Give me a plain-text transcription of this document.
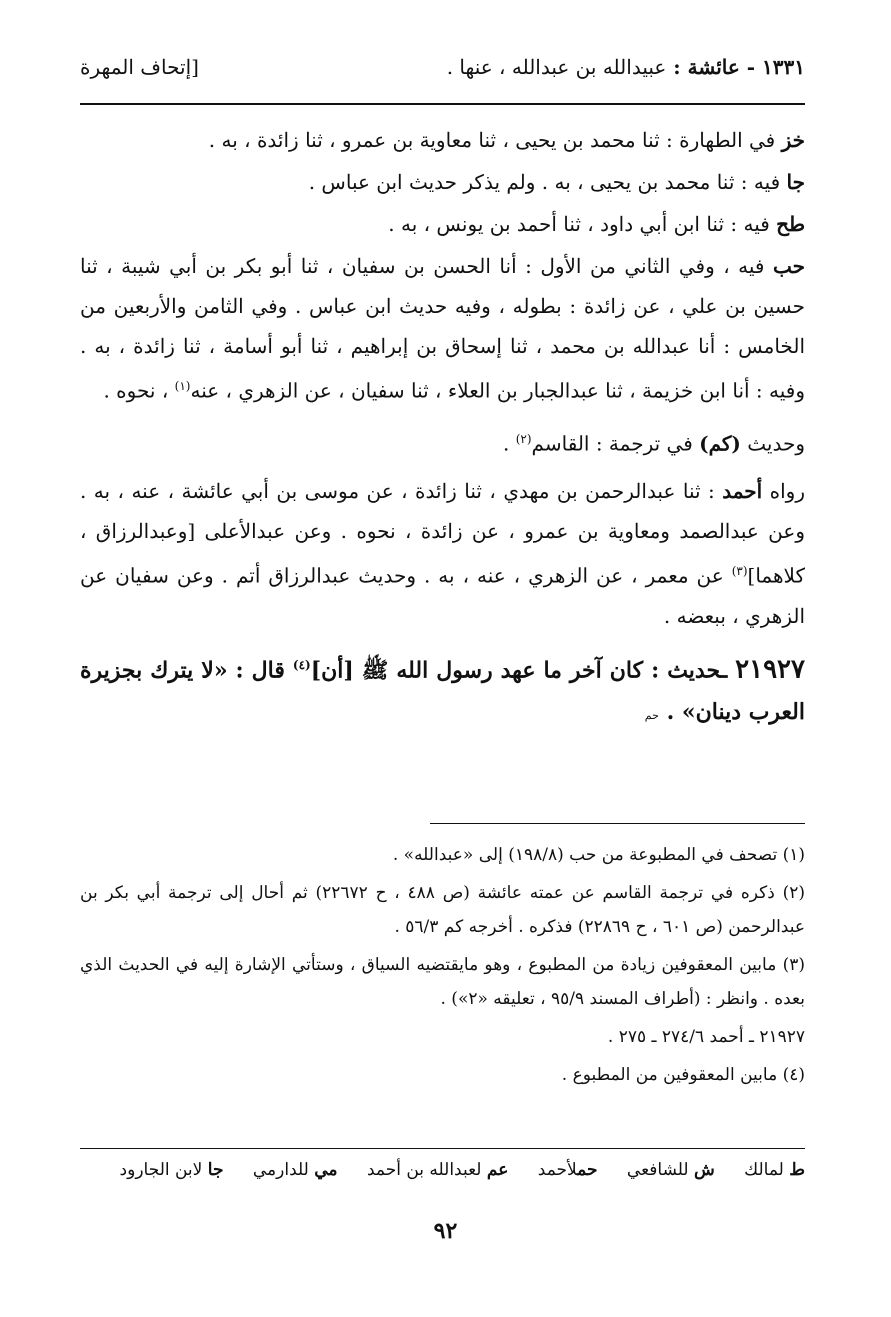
١٣٣١ - عائشة : عبيدالله بن عبدالله ، عنها .
[إتحاف المهرة

خز في الطهارة : ثنا محمد بن يحيى ، ثنا معاوية بن عمرو ، ثنا زائدة ، به .

جا فيه : ثنا محمد بن يحيى ، به . ولم يذكر حديث ابن عباس .

طح فيه : ثنا ابن أبي داود ، ثنا أحمد بن يونس ، به .

حب فيه ، وفي الثاني من الأول : أنا الحسن بن سفيان ، ثنا أبو بكر بن أبي شيبة ، ثنا حسين بن علي ، عن زائدة : بطوله ، وفيه حديث ابن عباس . وفي الثامن والأربعين من الخامس : أنا عبدالله بن محمد ، ثنا إسحاق بن إبراهيم ، ثنا أبو أسامة ، ثنا زائدة ، به . وفيه : أنا ابن خزيمة ، ثنا عبدالجبار بن العلاء ، ثنا سفيان ، عن الزهري ، عنه$^{(١)}$ ، نحوه .

وحديث (كم) في ترجمة : القاسم$^{(٢)}$ .

رواه أحمد : ثنا عبدالرحمن بن مهدي ، ثنا زائدة ، عن موسى بن أبي عائشة ، عنه ، به . وعن عبدالصمد ومعاوية بن عمرو ، عن زائدة ، نحوه . وعن عبدالأعلى [وعبدالرزاق ، كلاهما]$^{(٣)}$ عن معمر ، عن الزهري ، عنه ، به . وحديث عبدالرزاق أتم . وعن سفيان عن الزهري ، ببعضه .

٢١٩٢٧ ـحديث : كان آخر ما عهد رسول الله ﷺ [أن]$^{(٤)}$ قال : «لا يترك بجزيرة العرب دينان» . حم

(١) تصحف في المطبوعة من حب (١٩٨/٨) إلى «عبدالله» .

(٢) ذكره في ترجمة القاسم عن عمته عائشة (ص ٤٨٨ ، ح ٢٢٦٧٢) ثم أحال إلى ترجمة أبي بكر بن عبدالرحمن (ص ٦٠١ ، ح ٢٢٨٦٩) فذكره . أخرجه كم ٥٦/٣ .

(٣) مابين المعقوفين زيادة من المطبوع ، وهو مايقتضيه السياق ، وستأتي الإشارة إليه في الحديث الذي بعده . وانظر : (أطراف المسند ٩٥/٩ ، تعليقه «٢») .

٢١٩٢٧ ـ أحمد ٢٧٤/٦ ـ ٢٧٥ .

(٤) مابين المعقوفين من المطبوع .

ط لمالك ش للشافعي حملأحمد عم لعبدالله بن أحمد مي للدارمي جا لابن الجارود
٩٢
